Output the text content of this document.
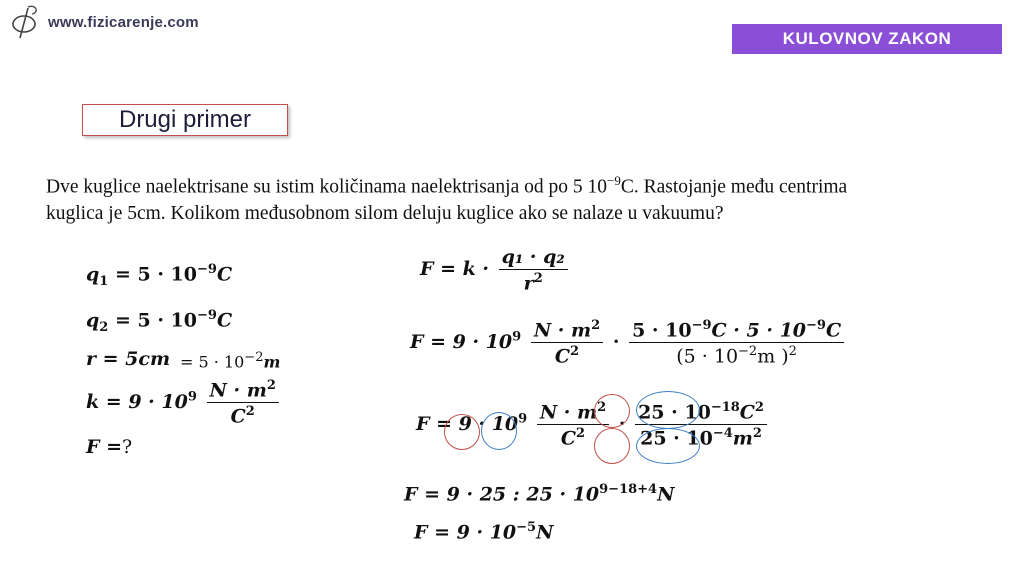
www.fizicarenje.com
KULOVNOV ZAKON
Drugi primer
Dve kuglice naelektrisane su istim količinama naelektrisanja od po 5 $10^{-9}C$. Rastojanje među centrima
kuglica je 5cm. Kolikom međusobnom silom deluju kuglice ako se nalaze u vakuumu?
$q_1 = 5 \cdot 10^{-9}C$
$q_2 = 5 \cdot 10^{-9}C$
$r = 5cm = 5 \cdot 10^{-2}m$
$k = 9 \cdot 10^9 \frac{N \cdot m^2}{C^2}$
F =?
$F = k \cdot \frac{\text{q₁ · q₂}}{r^2}$
$F = 9 \cdot 10^9 \frac{N \cdot m^2}{C^2} \cdot \frac{5 \cdot 10^{-9}C \cdot 5 \cdot 10^{-9}C}{(5 \cdot 10^{-2}m )^2}$
$F = 9 \cdot 10^9 \frac{N \cdot m^2}{C^2} \cdot \frac{25 \cdot 10^{-18}C^2}{25 \cdot 10^{-4}m^2}$
F = 9 · 25 : $25 \cdot 10^{9-18+4}N$
$F = 9 \cdot 10^{-5}N$
